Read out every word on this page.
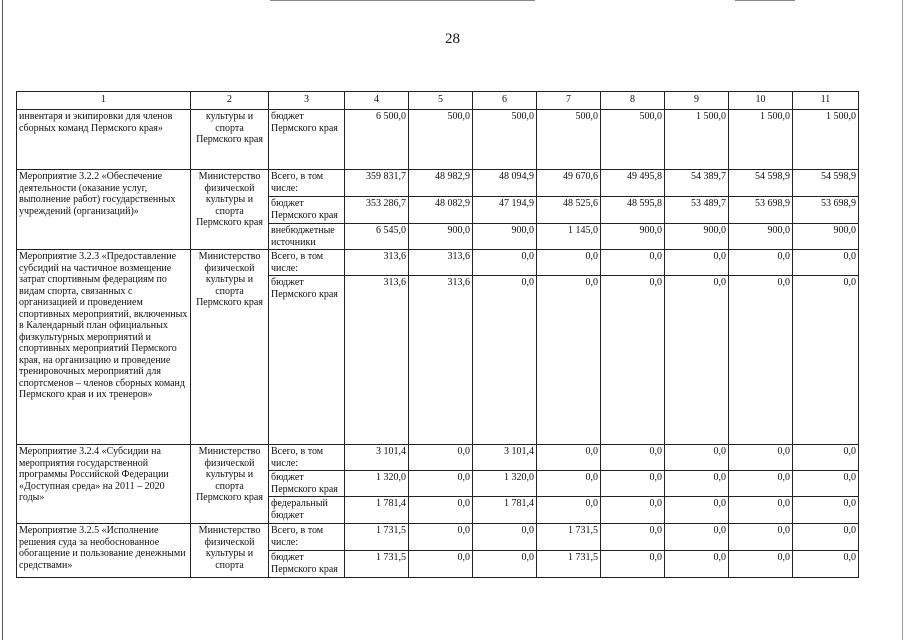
28
1	2	3	4	5	6	7	8	9	10	11
инвентаря и экипировки для членов сборных команд Пермского края»	культуры и спорта Пермского края	бюджет Пермского края	6 500,0	500,0	500,0	500,0	500,0	1 500,0	1 500,0	1 500,0
Мероприятие 3.2.2 «Обеспечение деятельности (оказание услуг, выполнение работ) государственных учреждений (организаций)»	Министерство физической культуры и спорта Пермского края	Всего, в том числе:	359 831,7	48 982,9	48 094,9	49 670,6	49 495,8	54 389,7	54 598,9	54 598,9
		бюджет Пермского края	353 286,7	48 082,9	47 194,9	48 525,6	48 595,8	53 489,7	53 698,9	53 698,9
		внебюджетные источники	6 545,0	900,0	900,0	1 145,0	900,0	900,0	900,0	900,0
Мероприятие 3.2.3 «Предоставление субсидий на частичное возмещение затрат спортивным федерациям по видам спорта, связанных с организацией и проведением спортивных мероприятий, включенных в Календарный план официальных физкультурных мероприятий и спортивных мероприятий Пермского края, на организацию и проведение тренировочных мероприятий для спортсменов – членов сборных команд Пермского края и их тренеров»	Министерство физической культуры и спорта Пермского края	Всего, в том числе:	313,6	313,6	0,0	0,0	0,0	0,0	0,0	0,0
		бюджет Пермского края	313,6	313,6	0,0	0,0	0,0	0,0	0,0	0,0
Мероприятие 3.2.4 «Субсидии на мероприятия государственной программы Российской Федерации «Доступная среда» на 2011 – 2020 годы»	Министерство физической культуры и спорта Пермского края	Всего, в том числе:	3 101,4	0,0	3 101,4	0,0	0,0	0,0	0,0	0,0
		бюджет Пермского края	1 320,0	0,0	1 320,0	0,0	0,0	0,0	0,0	0,0
		федеральный бюджет	1 781,4	0,0	1 781,4	0,0	0,0	0,0	0,0	0,0
Мероприятие 3.2.5 «Исполнение решения суда за необоснованное обогащение и пользование денежными средствами»	Министерство физической культуры и спорта	Всего, в том числе:	1 731,5	0,0	0,0	1 731,5	0,0	0,0	0,0	0,0
		бюджет Пермского края	1 731,5	0,0	0,0	1 731,5	0,0	0,0	0,0	0,0
